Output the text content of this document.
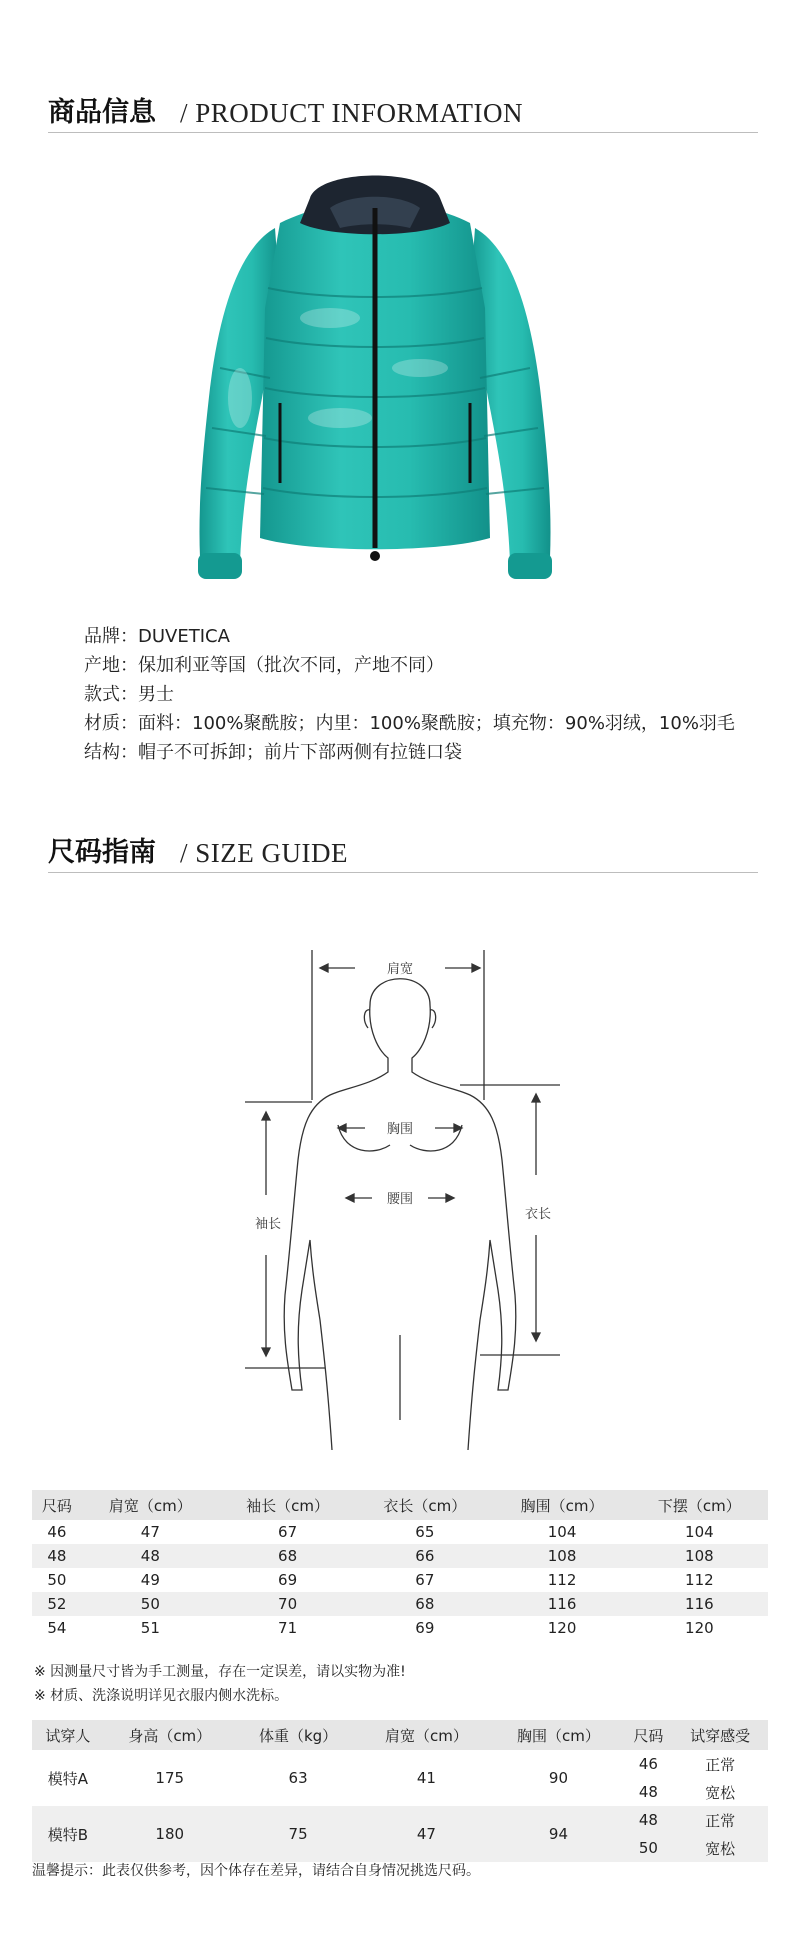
商品信息 / PRODUCT INFORMATION
品牌：DUVETICA
产地：保加利亚等国（批次不同，产地不同）
款式：男士
材质：面料：100%聚酰胺；内里：100%聚酰胺；填充物：90%羽绒，10%羽毛
结构：帽子不可拆卸；前片下部两侧有拉链口袋
尺码指南 / SIZE GUIDE
肩宽
胸围
腰围
袖长
衣长
尺码	肩宽（cm）	袖长（cm）	衣长（cm）	胸围（cm）	下摆（cm）
46	47	67	65	104	104
48	48	68	66	108	108
50	49	69	67	112	112
52	50	70	68	116	116
54	51	71	69	120	120
※ 因测量尺寸皆为手工测量，存在一定误差，请以实物为准!
※ 材质、洗涤说明详见衣服内侧水洗标。
试穿人	身高（cm）	体重（kg）	肩宽（cm）	胸围（cm）	尺码	试穿感受
模特A	175	63	41	90	46	正常
					48	宽松
模特B	180	75	47	94	48	正常
					50	宽松
温馨提示：此表仅供参考，因个体存在差异，请结合自身情况挑选尺码。
